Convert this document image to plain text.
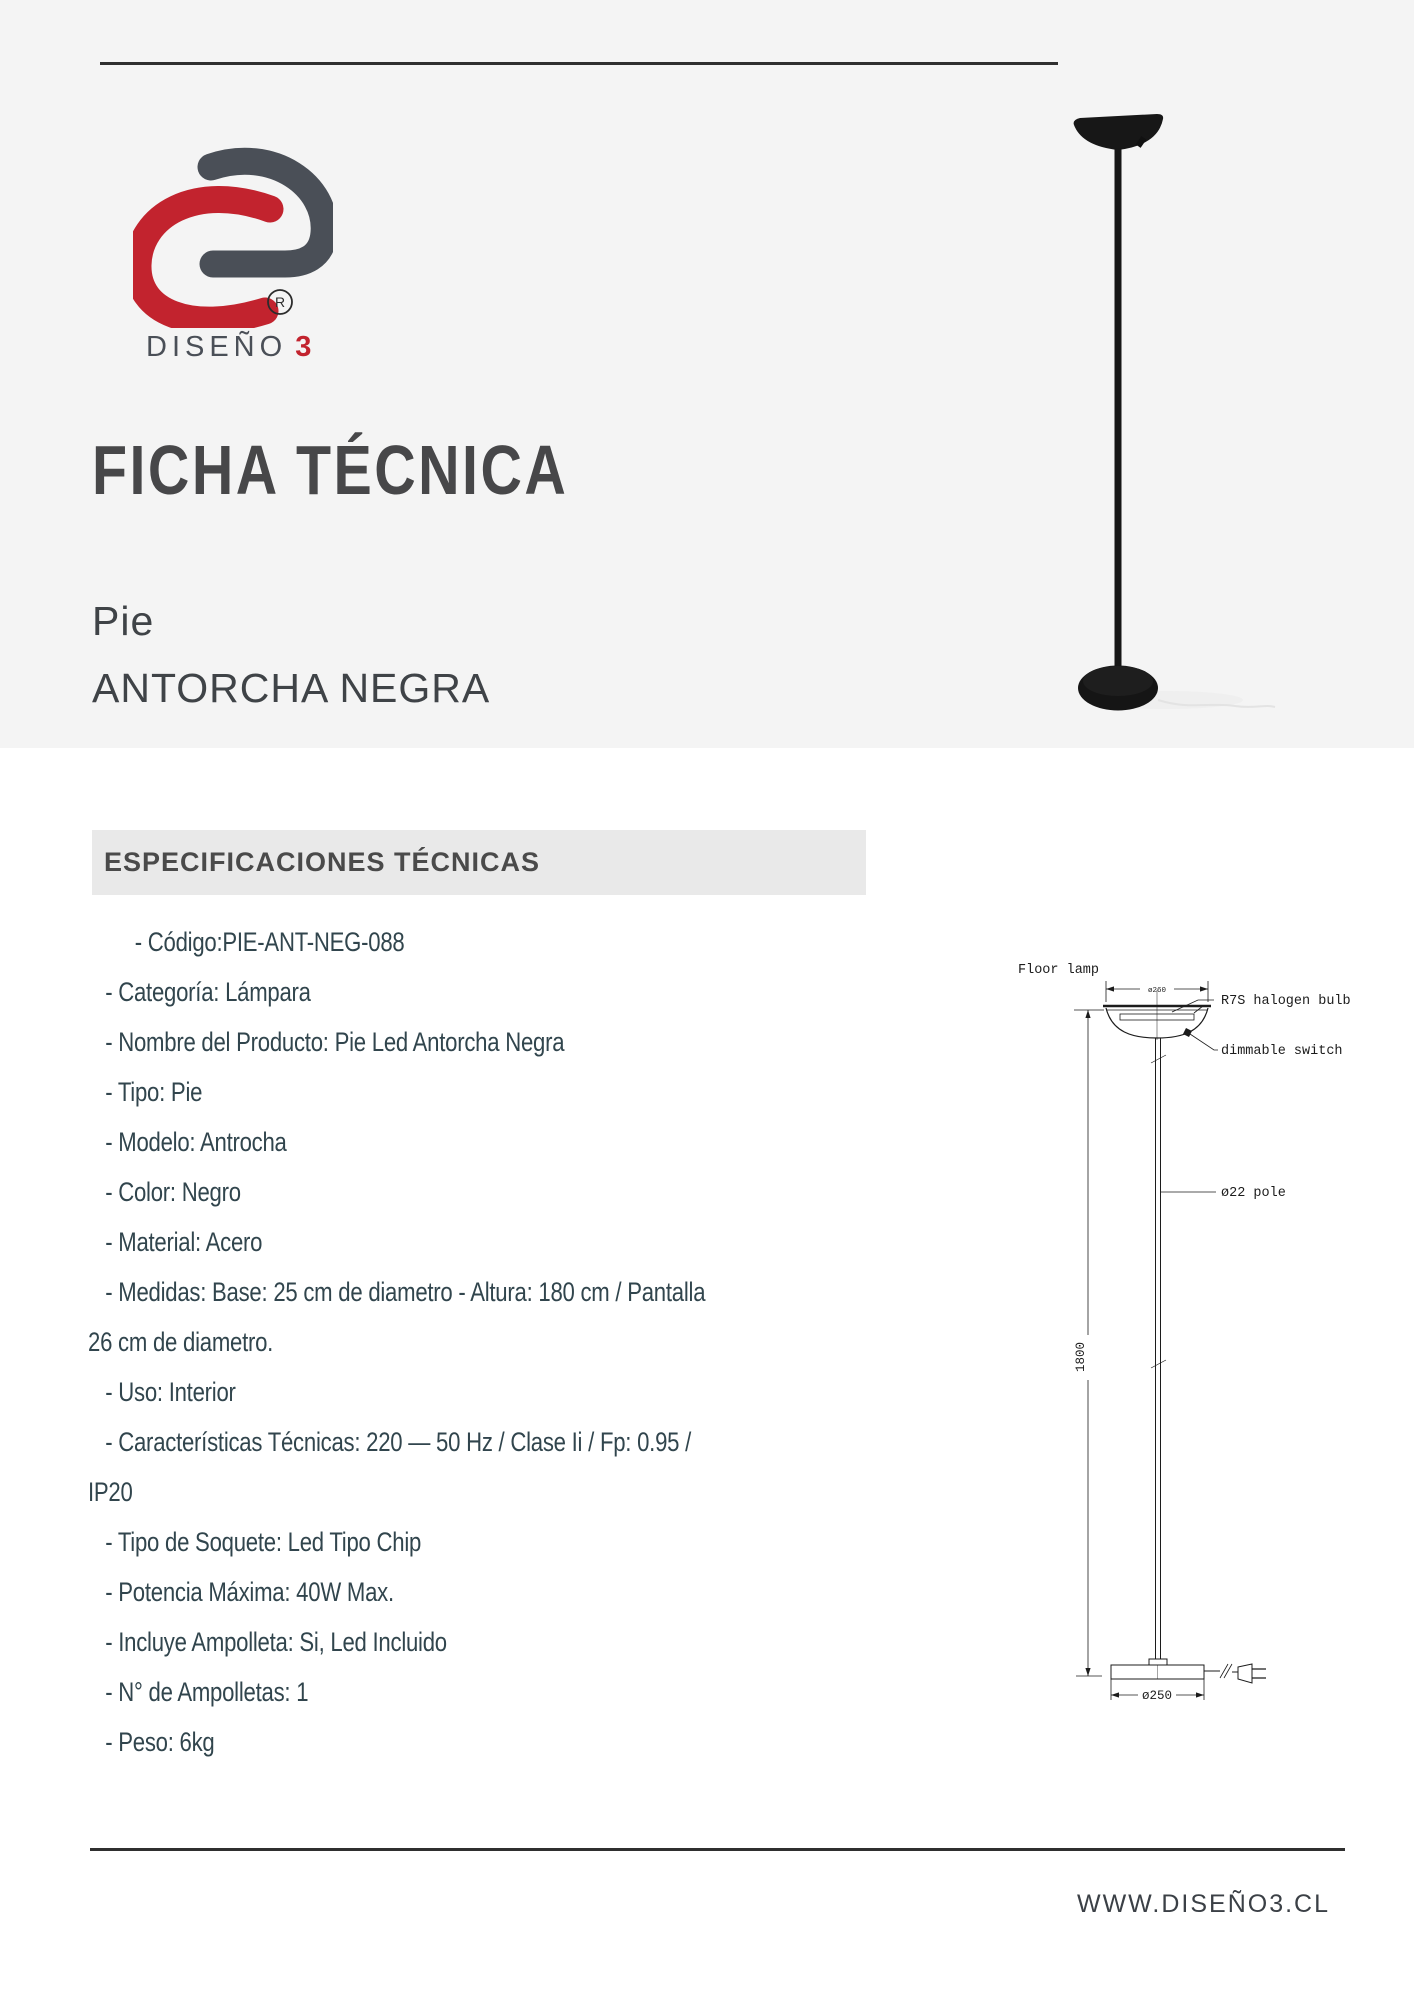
R
DISEÑO 3
FICHA TÉCNICA
Pie
ANTORCHA NEGRA
ESPECIFICACIONES TÉCNICAS
- Código:PIE-ANT-NEG-088
- Categoría: Lámpara
- Nombre del Producto: Pie Led Antorcha Negra
- Tipo: Pie
- Modelo: Antrocha
- Color: Negro
- Material: Acero
- Medidas: Base: 25 cm de diametro - Altura: 180 cm / Pantalla
26 cm de diametro.
- Uso: Interior
- Características Técnicas: 220 — 50 Hz / Clase Ii / Fp: 0.95 /
IP20
- Tipo de Soquete: Led Tipo Chip
- Potencia Máxima: 40W Max.
- Incluye Ampolleta: Si, Led Incluido
- N° de Ampolletas: 1
- Peso: 6kg
Floor lamp
ø260
R7S halogen bulb
dimmable switch
ø22 pole
1800
ø250
WWW.DISEÑO3.CL
